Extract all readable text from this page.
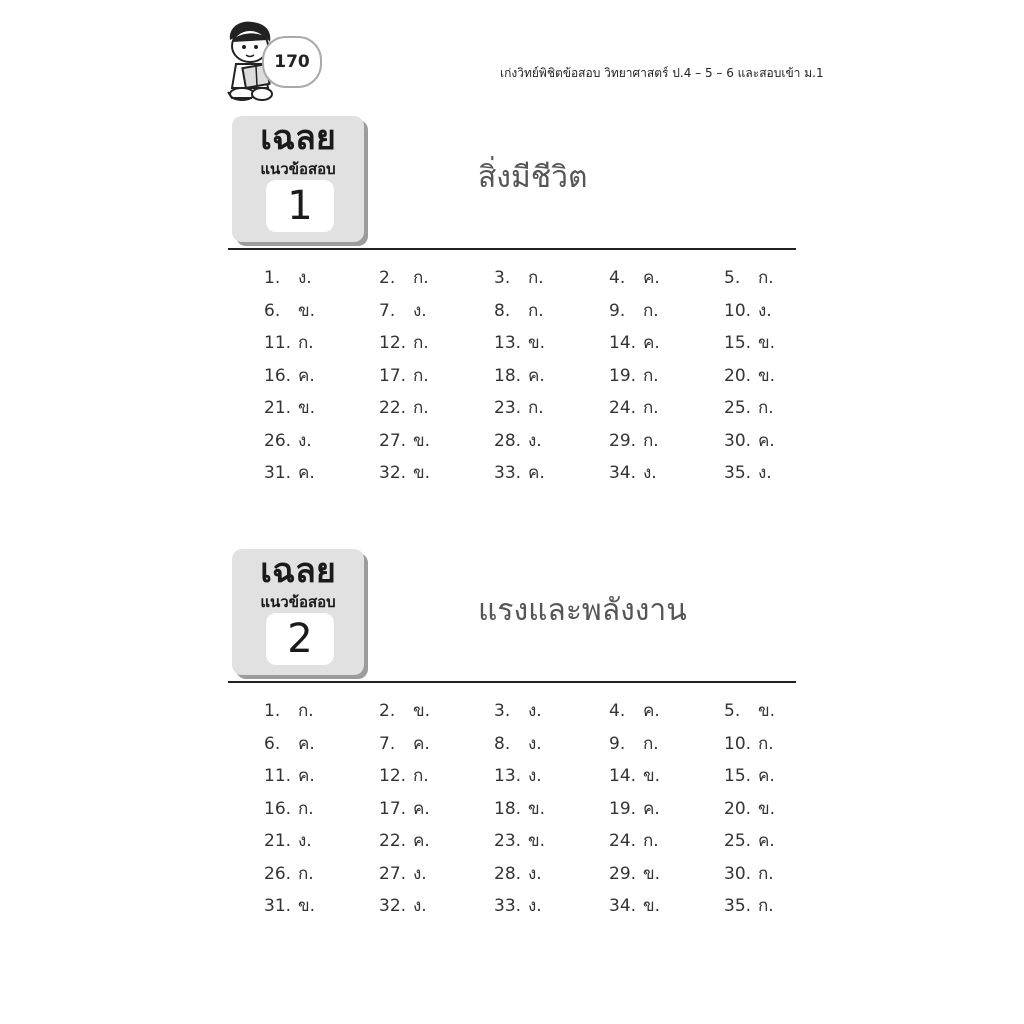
170
เก่งวิทย์พิชิตข้อสอบ วิทยาศาสตร์ ป.4 – 5 – 6 และสอบเข้า ม.1
เฉลย
แนวข้อสอบ
1
สิ่งมีชีวิต
1. ง.	2. ก.	3. ก.	4. ค.	5. ก.
6. ข.	7. ง.	8. ก.	9. ก.	10. ง.
11. ก.	12. ก.	13. ข.	14. ค.	15. ข.
16. ค.	17. ก.	18. ค.	19. ก.	20. ข.
21. ข.	22. ก.	23. ก.	24. ก.	25. ก.
26. ง.	27. ข.	28. ง.	29. ก.	30. ค.
31. ค.	32. ข.	33. ค.	34. ง.	35. ง.
เฉลย
แนวข้อสอบ
2
แรงและพลังงาน
1. ก.	2. ข.	3. ง.	4. ค.	5. ข.
6. ค.	7. ค.	8. ง.	9. ก.	10. ก.
11. ค.	12. ก.	13. ง.	14. ข.	15. ค.
16. ก.	17. ค.	18. ข.	19. ค.	20. ข.
21. ง.	22. ค.	23. ข.	24. ก.	25. ค.
26. ก.	27. ง.	28. ง.	29. ข.	30. ก.
31. ข.	32. ง.	33. ง.	34. ข.	35. ก.
